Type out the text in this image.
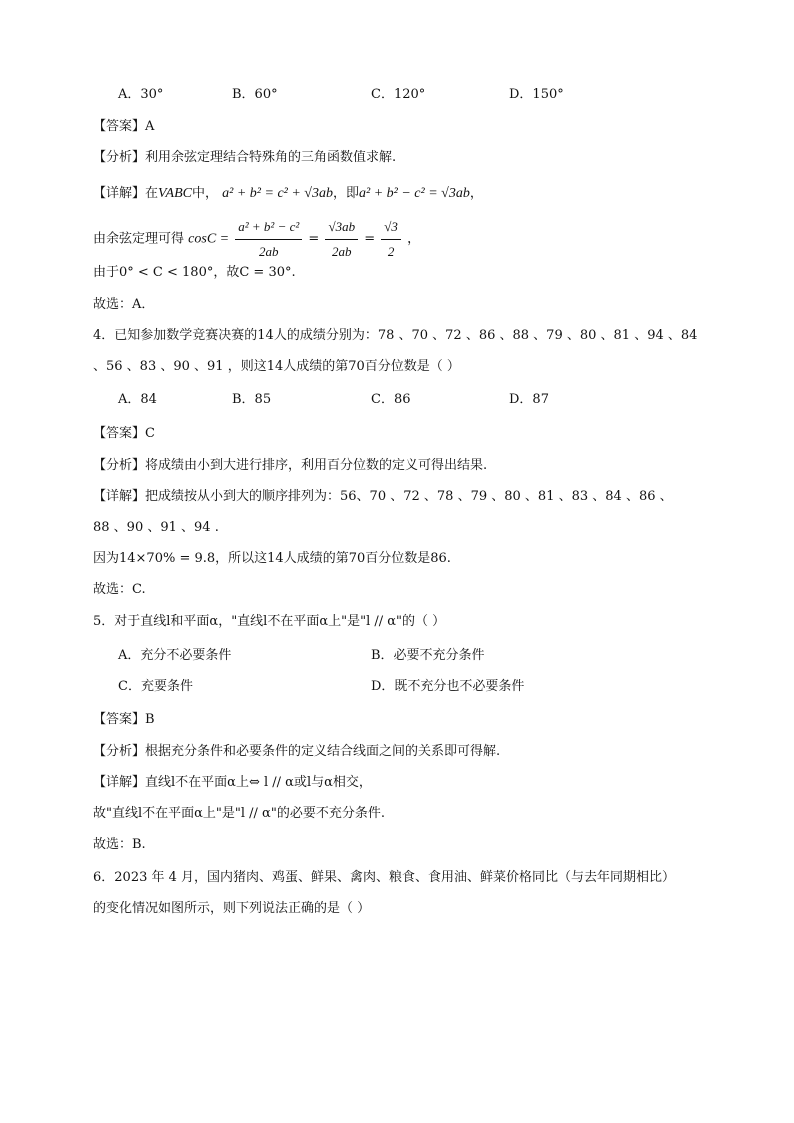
A．30°	B．60°	C．120°	D．150°
【答案】A
【分析】利用余弦定理结合特殊角的三角函数值求解.
【详解】在VABC中， a² + b² = c² + √3ab，即a² + b² − c² = √3ab，
由余弦定理可得 $\cos C = \frac{\text{a² + b² − c²}}{2ab} = \frac{√3ab}{2ab} = \frac{√3}{2}$ ，
由于0° < C < 180°，故C = 30°.
故选：A．
4．已知参加数学竞赛决赛的14人的成绩分别为：78 、70 、72 、86 、88 、79 、80 、81 、94 、84
、56 、83 、90 、91 ，则这14人成绩的第70百分位数是（ ）
A．84	B．85	C．86	D．87
【答案】C
【分析】将成绩由小到大进行排序，利用百分位数的定义可得出结果.
【详解】把成绩按从小到大的顺序排列为：56、70 、72 、78 、79 、80 、81 、83 、84 、86 、
88 、90 、91 、94 .
因为14×70% = 9.8，所以这14人成绩的第70百分位数是86.
故选：C.
5．对于直线l和平面α，"直线l不在平面α上"是"l // α"的（ ）
A．充分不必要条件	B．必要不充分条件
C．充要条件	D．既不充分也不必要条件
【答案】B
【分析】根据充分条件和必要条件的定义结合线面之间的关系即可得解.
【详解】直线l不在平面α上⇔ l // α或l与α相交，
故"直线l不在平面α上"是"l // α"的必要不充分条件.
故选：B.
6．2023 年 4 月，国内猪肉、鸡蛋、鲜果、禽肉、粮食、食用油、鲜菜价格同比（与去年同期相比）
的变化情况如图所示，则下列说法正确的是（ ）
